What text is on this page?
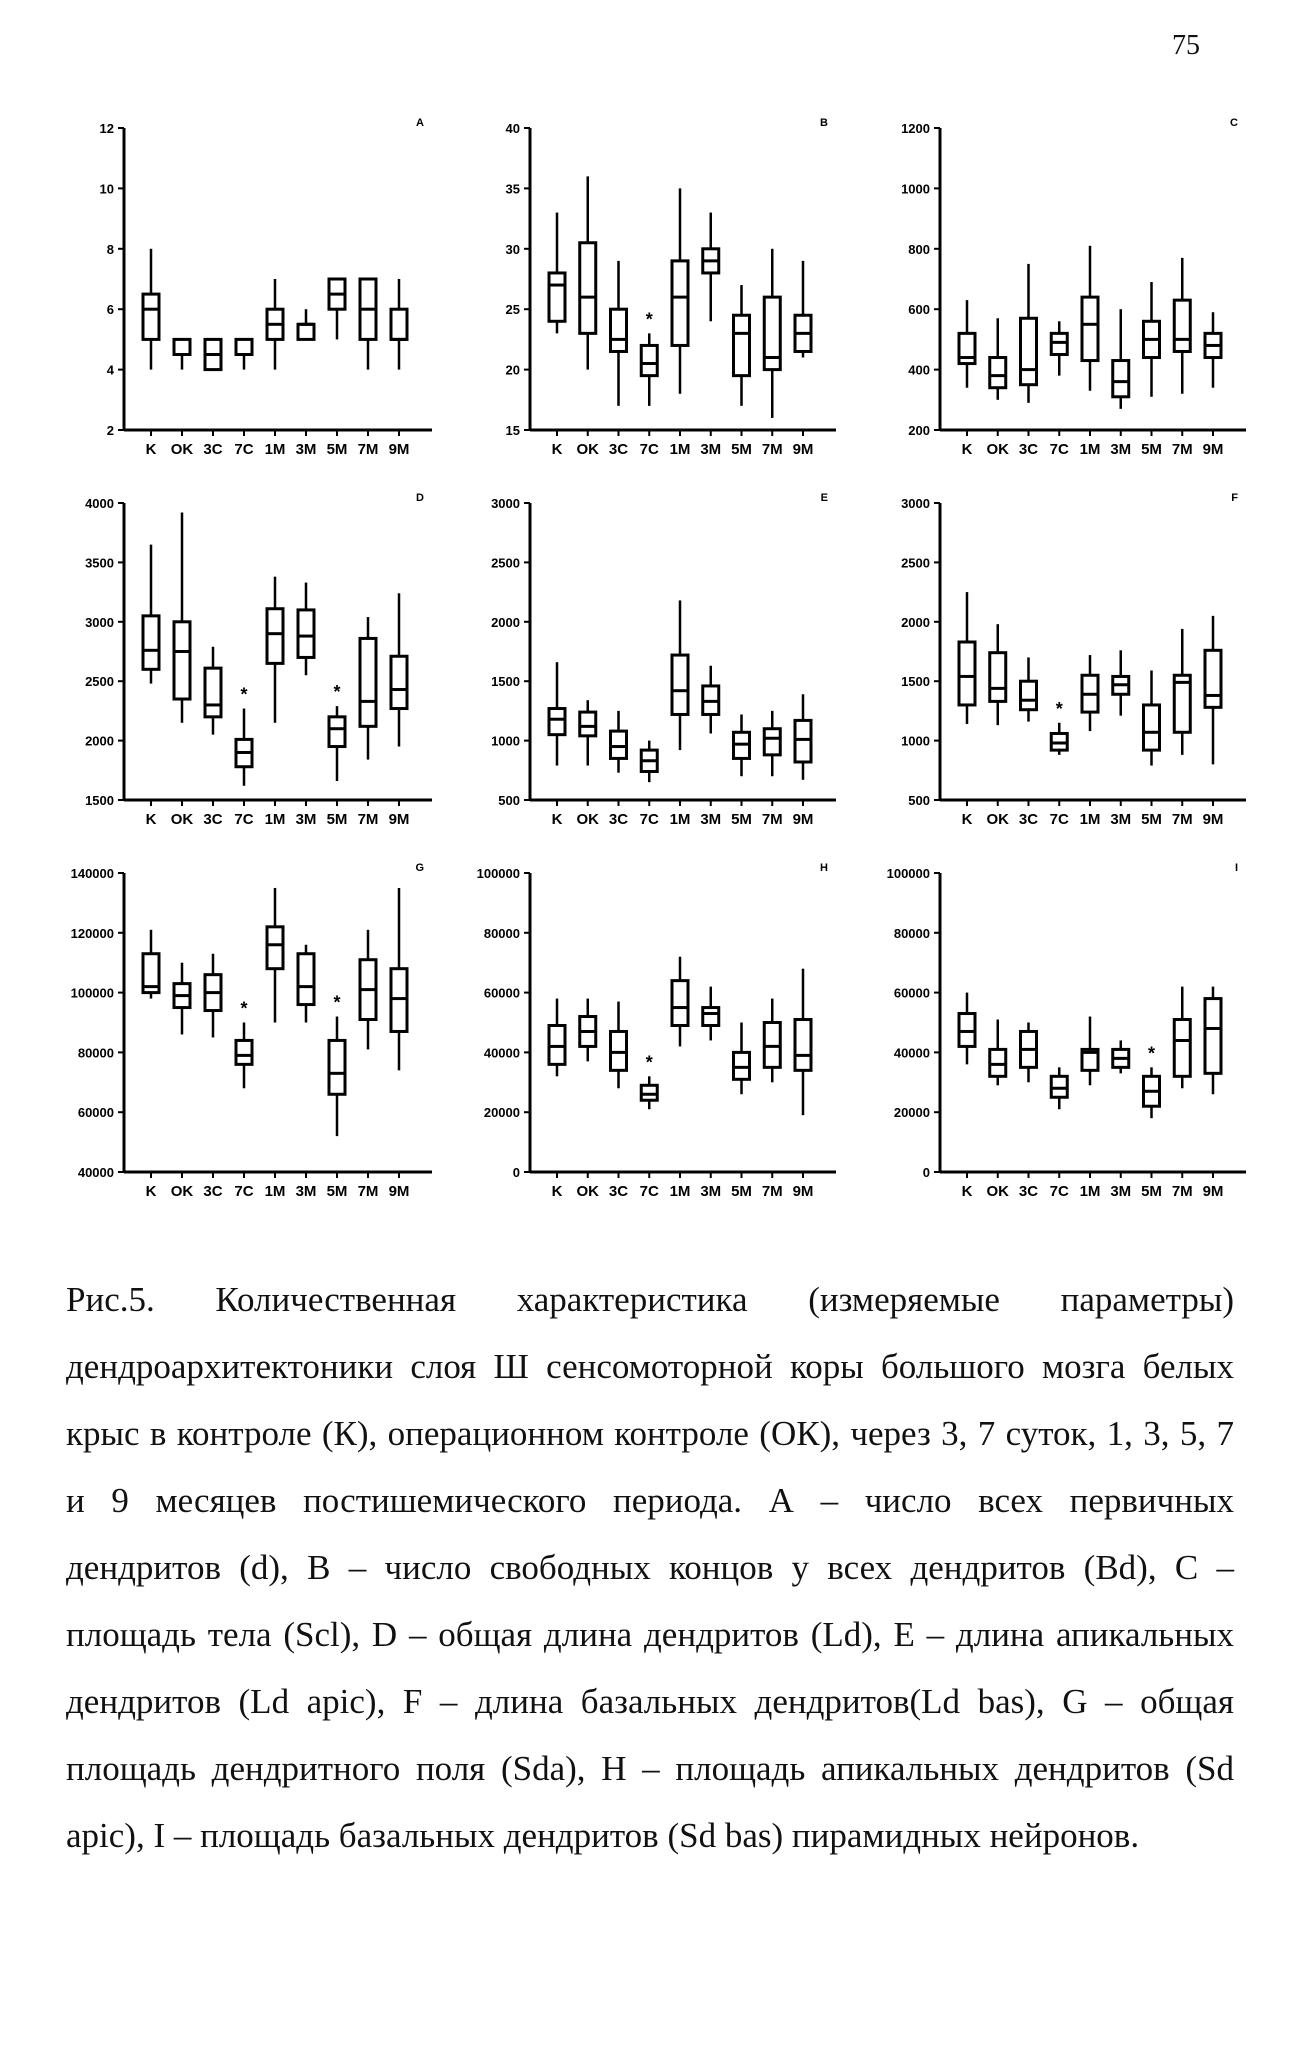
75
2
4
6
8
10
12	A
K OK 3C 7C 1M 3M 5M 7M 9M
15
20
25
30
35
40	B
K OK 3C 7C 1M 3M 5M 7M 9M
*
200
400
600
800
1000
1200	C
K OK 3C 7C 1M 3M 5M 7M 9M
1500
2000
2500
3000
3500
4000	D
K OK 3C 7C 1M 3M 5M 7M 9M
*	*
500
1000
1500
2000
2500
3000	E
K OK 3C 7C 1M 3M 5M 7M 9M
500
1000
1500
2000
2500
3000	F
K OK 3C 7C 1M 3M 5M 7M 9M
*
40000
60000
80000
100000
120000
140000	G
K OK 3C 7C 1M 3M 5M 7M 9M
*	*
0
20000
40000
60000
80000
100000	H
K OK 3C 7C 1M 3M 5M 7M 9M
*
0
20000
40000
60000
80000
100000	I
K OK 3C 7C 1M 3M 5M 7M 9M
*
Рис.5. Количественная характеристика (измеряемые параметры) дендроархитектоники слоя Ш сенсомоторной коры большого мозга белых крыс в контроле (К), операционном контроле (ОК), через 3, 7 суток, 1, 3, 5, 7 и 9 месяцев постишемического периода. А – число всех первичных дендритов (d), В – число свободных концов у всех дендритов (Bd), С – площадь тела (Scl), D – общая длина дендритов (Ld), Е – длина апикальных дендритов (Ld apic), F – длина базальных дендритов(Ld bas), G – общая площадь дендритного поля (Sda), Н – площадь апикальных дендритов (Sd apic), I – площадь базальных дендритов (Sd bas) пирамидных нейронов.
